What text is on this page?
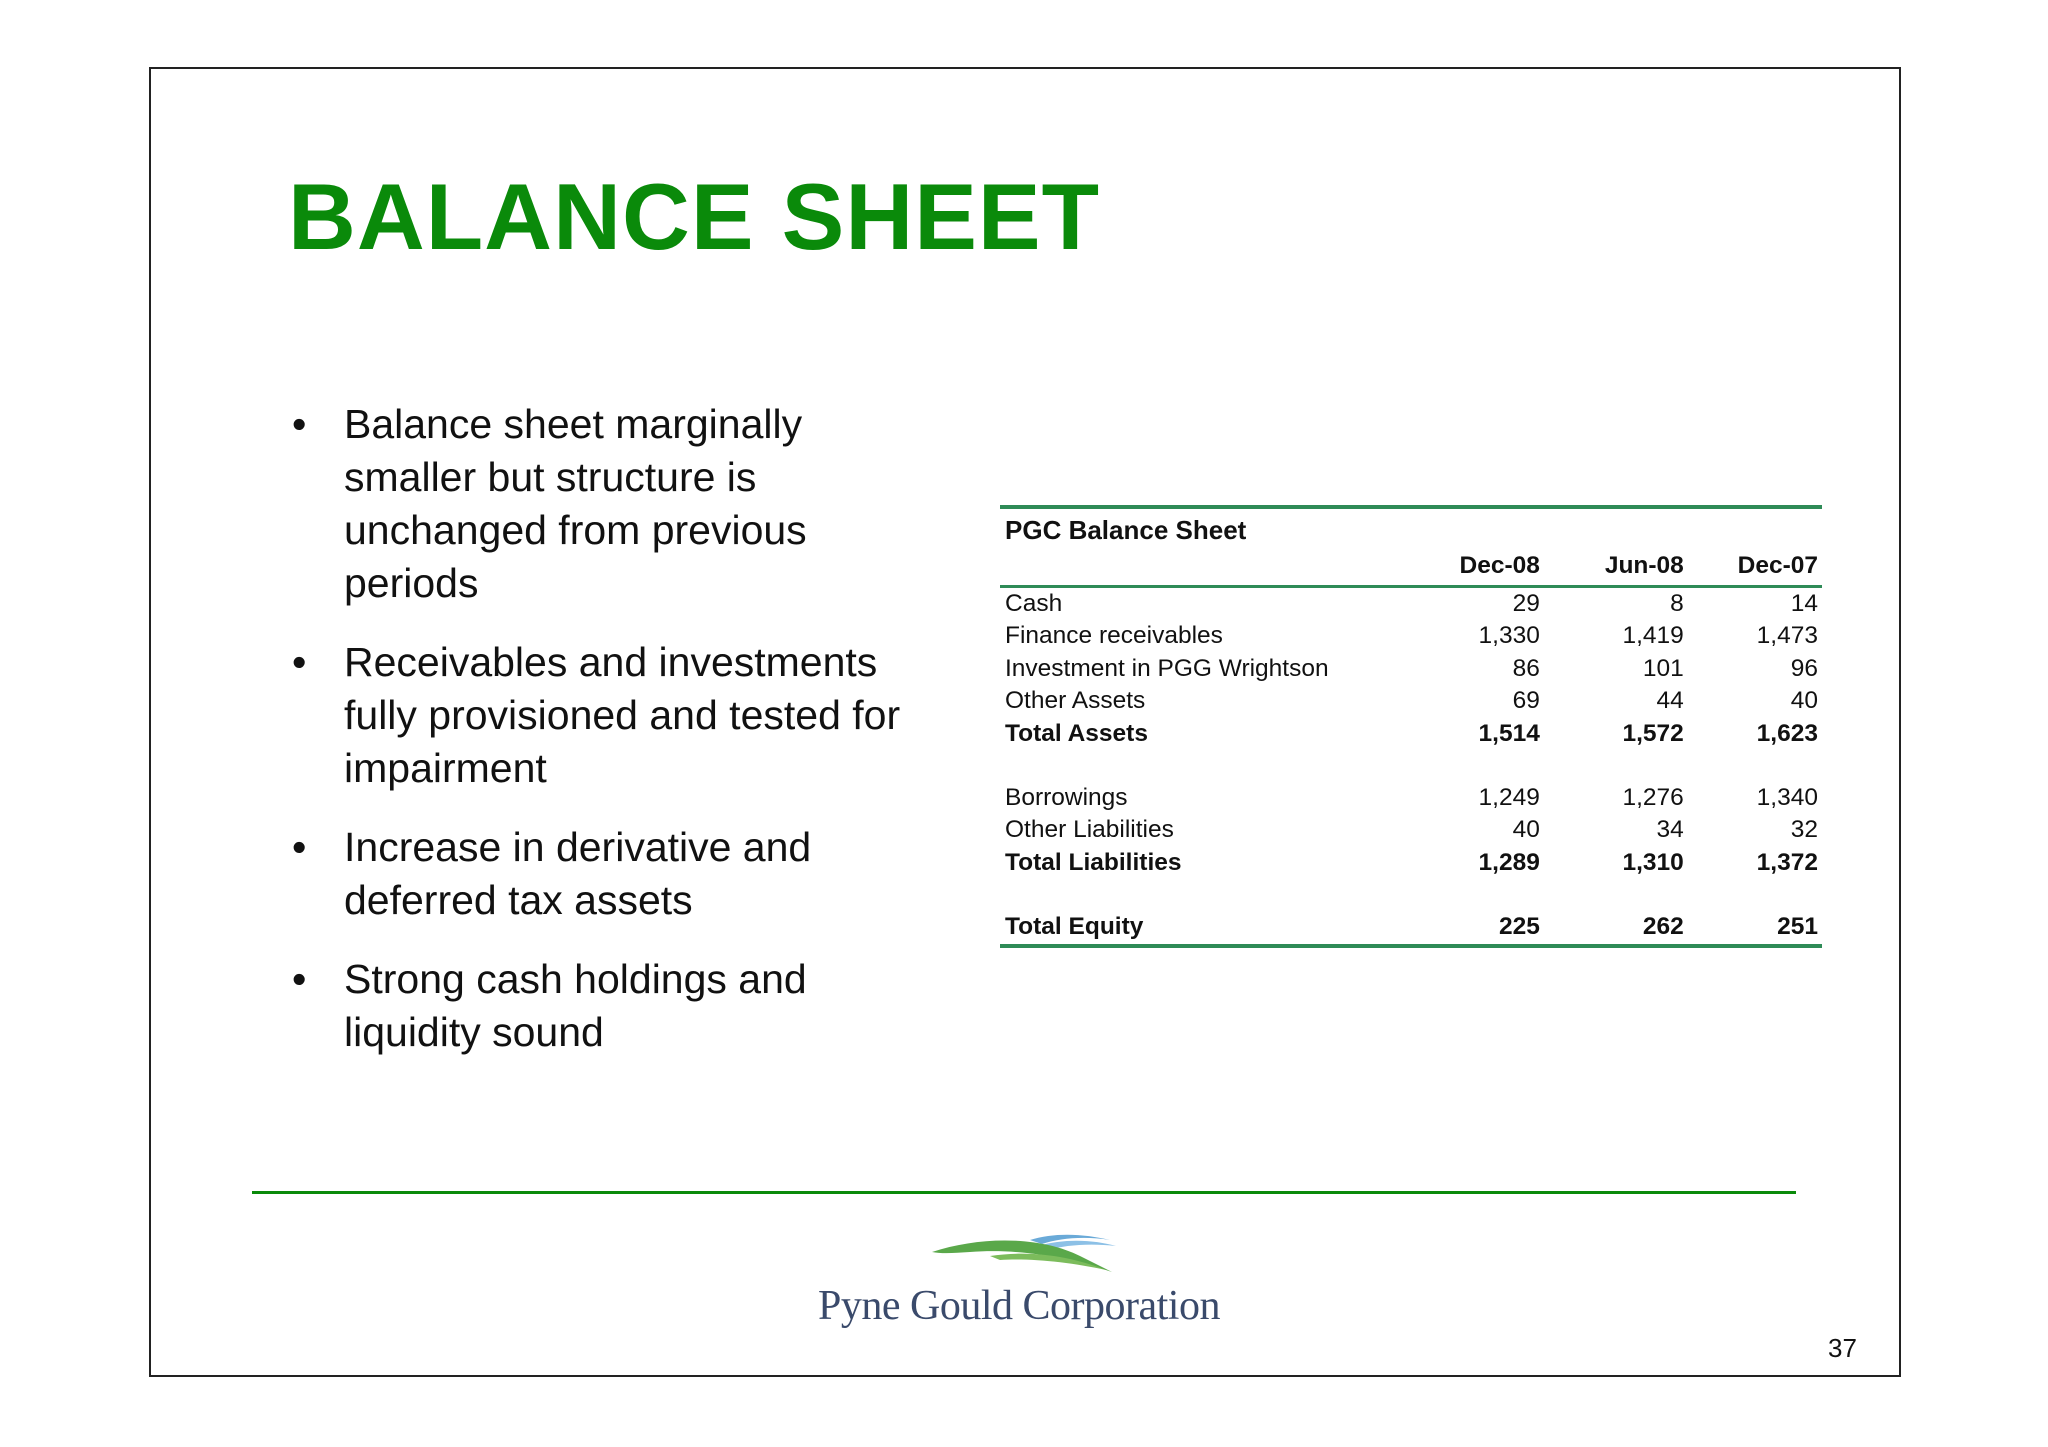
BALANCE SHEET
• Balance sheet marginally smaller but structure is unchanged from previous periods
• Receivables and investments fully provisioned and tested for impairment
• Increase in derivative and deferred tax assets
• Strong cash holdings and liquidity sound
PGC Balance Sheet
Dec-08	Jun-08	Dec-07
Cash	29	8	14
Finance receivables	1,330	1,419	1,473
Investment in PGG Wrightson	86	101	96
Other Assets	69	44	40
Total Assets	1,514	1,572	1,623
Borrowings	1,249	1,276	1,340
Other Liabilities	40	34	32
Total Liabilities	1,289	1,310	1,372
Total Equity	225	262	251
Pyne Gould Corporation
37
